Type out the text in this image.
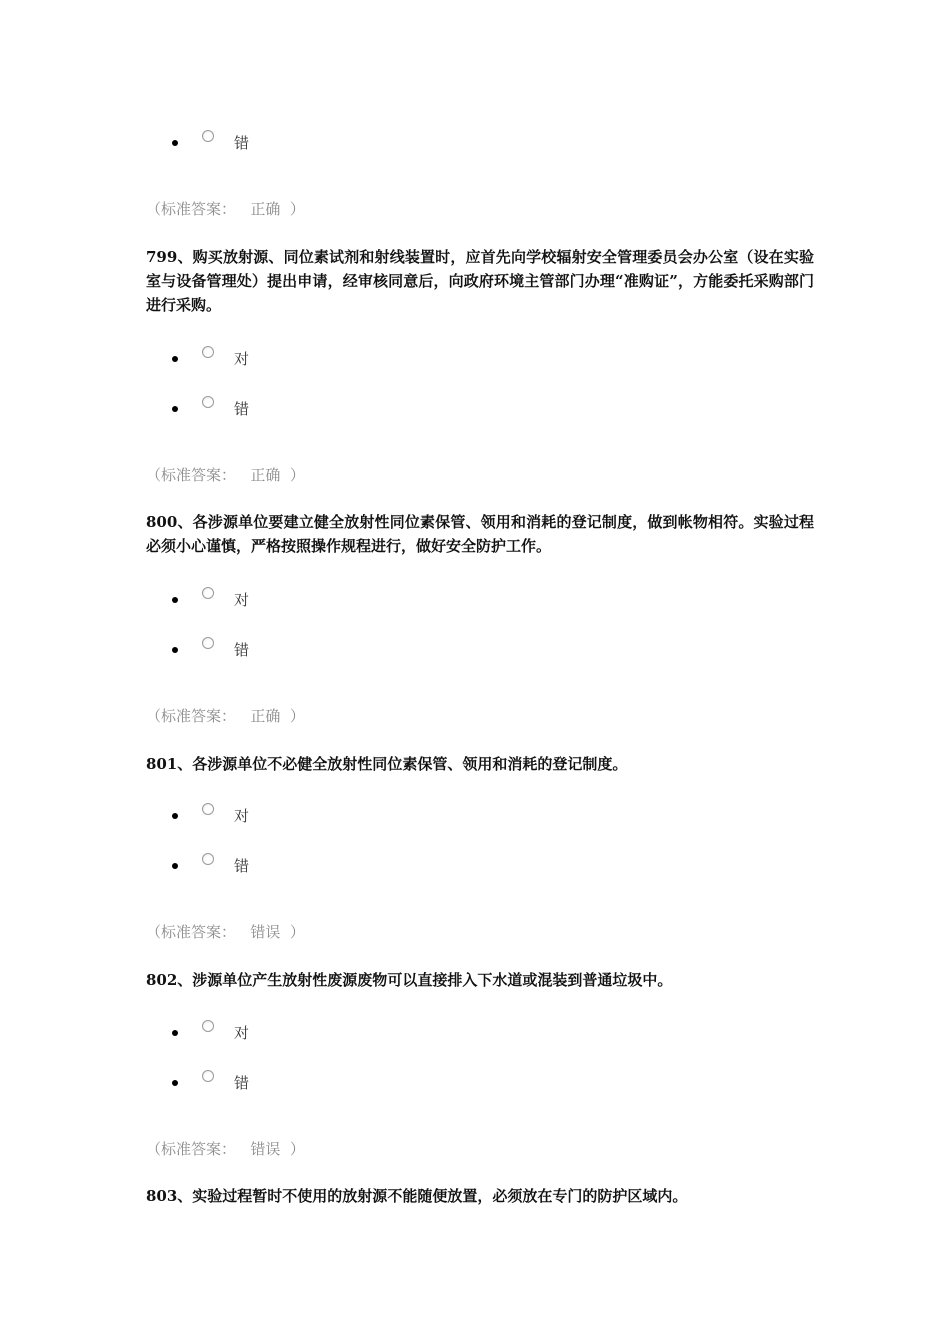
错
（标准答案： 正确 ）
799、购买放射源、同位素试剂和射线装置时，应首先向学校辐射安全管理委员会办公室（设在实验室与设备管理处）提出申请，经审核同意后，向政府环境主管部门办理“准购证”，方能委托采购部门进行采购。
对
错
（标准答案： 正确 ）
800、各涉源单位要建立健全放射性同位素保管、领用和消耗的登记制度，做到帐物相符。实验过程必须小心谨慎，严格按照操作规程进行，做好安全防护工作。
对
错
（标准答案： 正确 ）
801、各涉源单位不必健全放射性同位素保管、领用和消耗的登记制度。
对
错
（标准答案： 错误 ）
802、涉源单位产生放射性废源废物可以直接排入下水道或混装到普通垃圾中。
对
错
（标准答案： 错误 ）
803、实验过程暂时不使用的放射源不能随便放置，必须放在专门的防护区域内。
